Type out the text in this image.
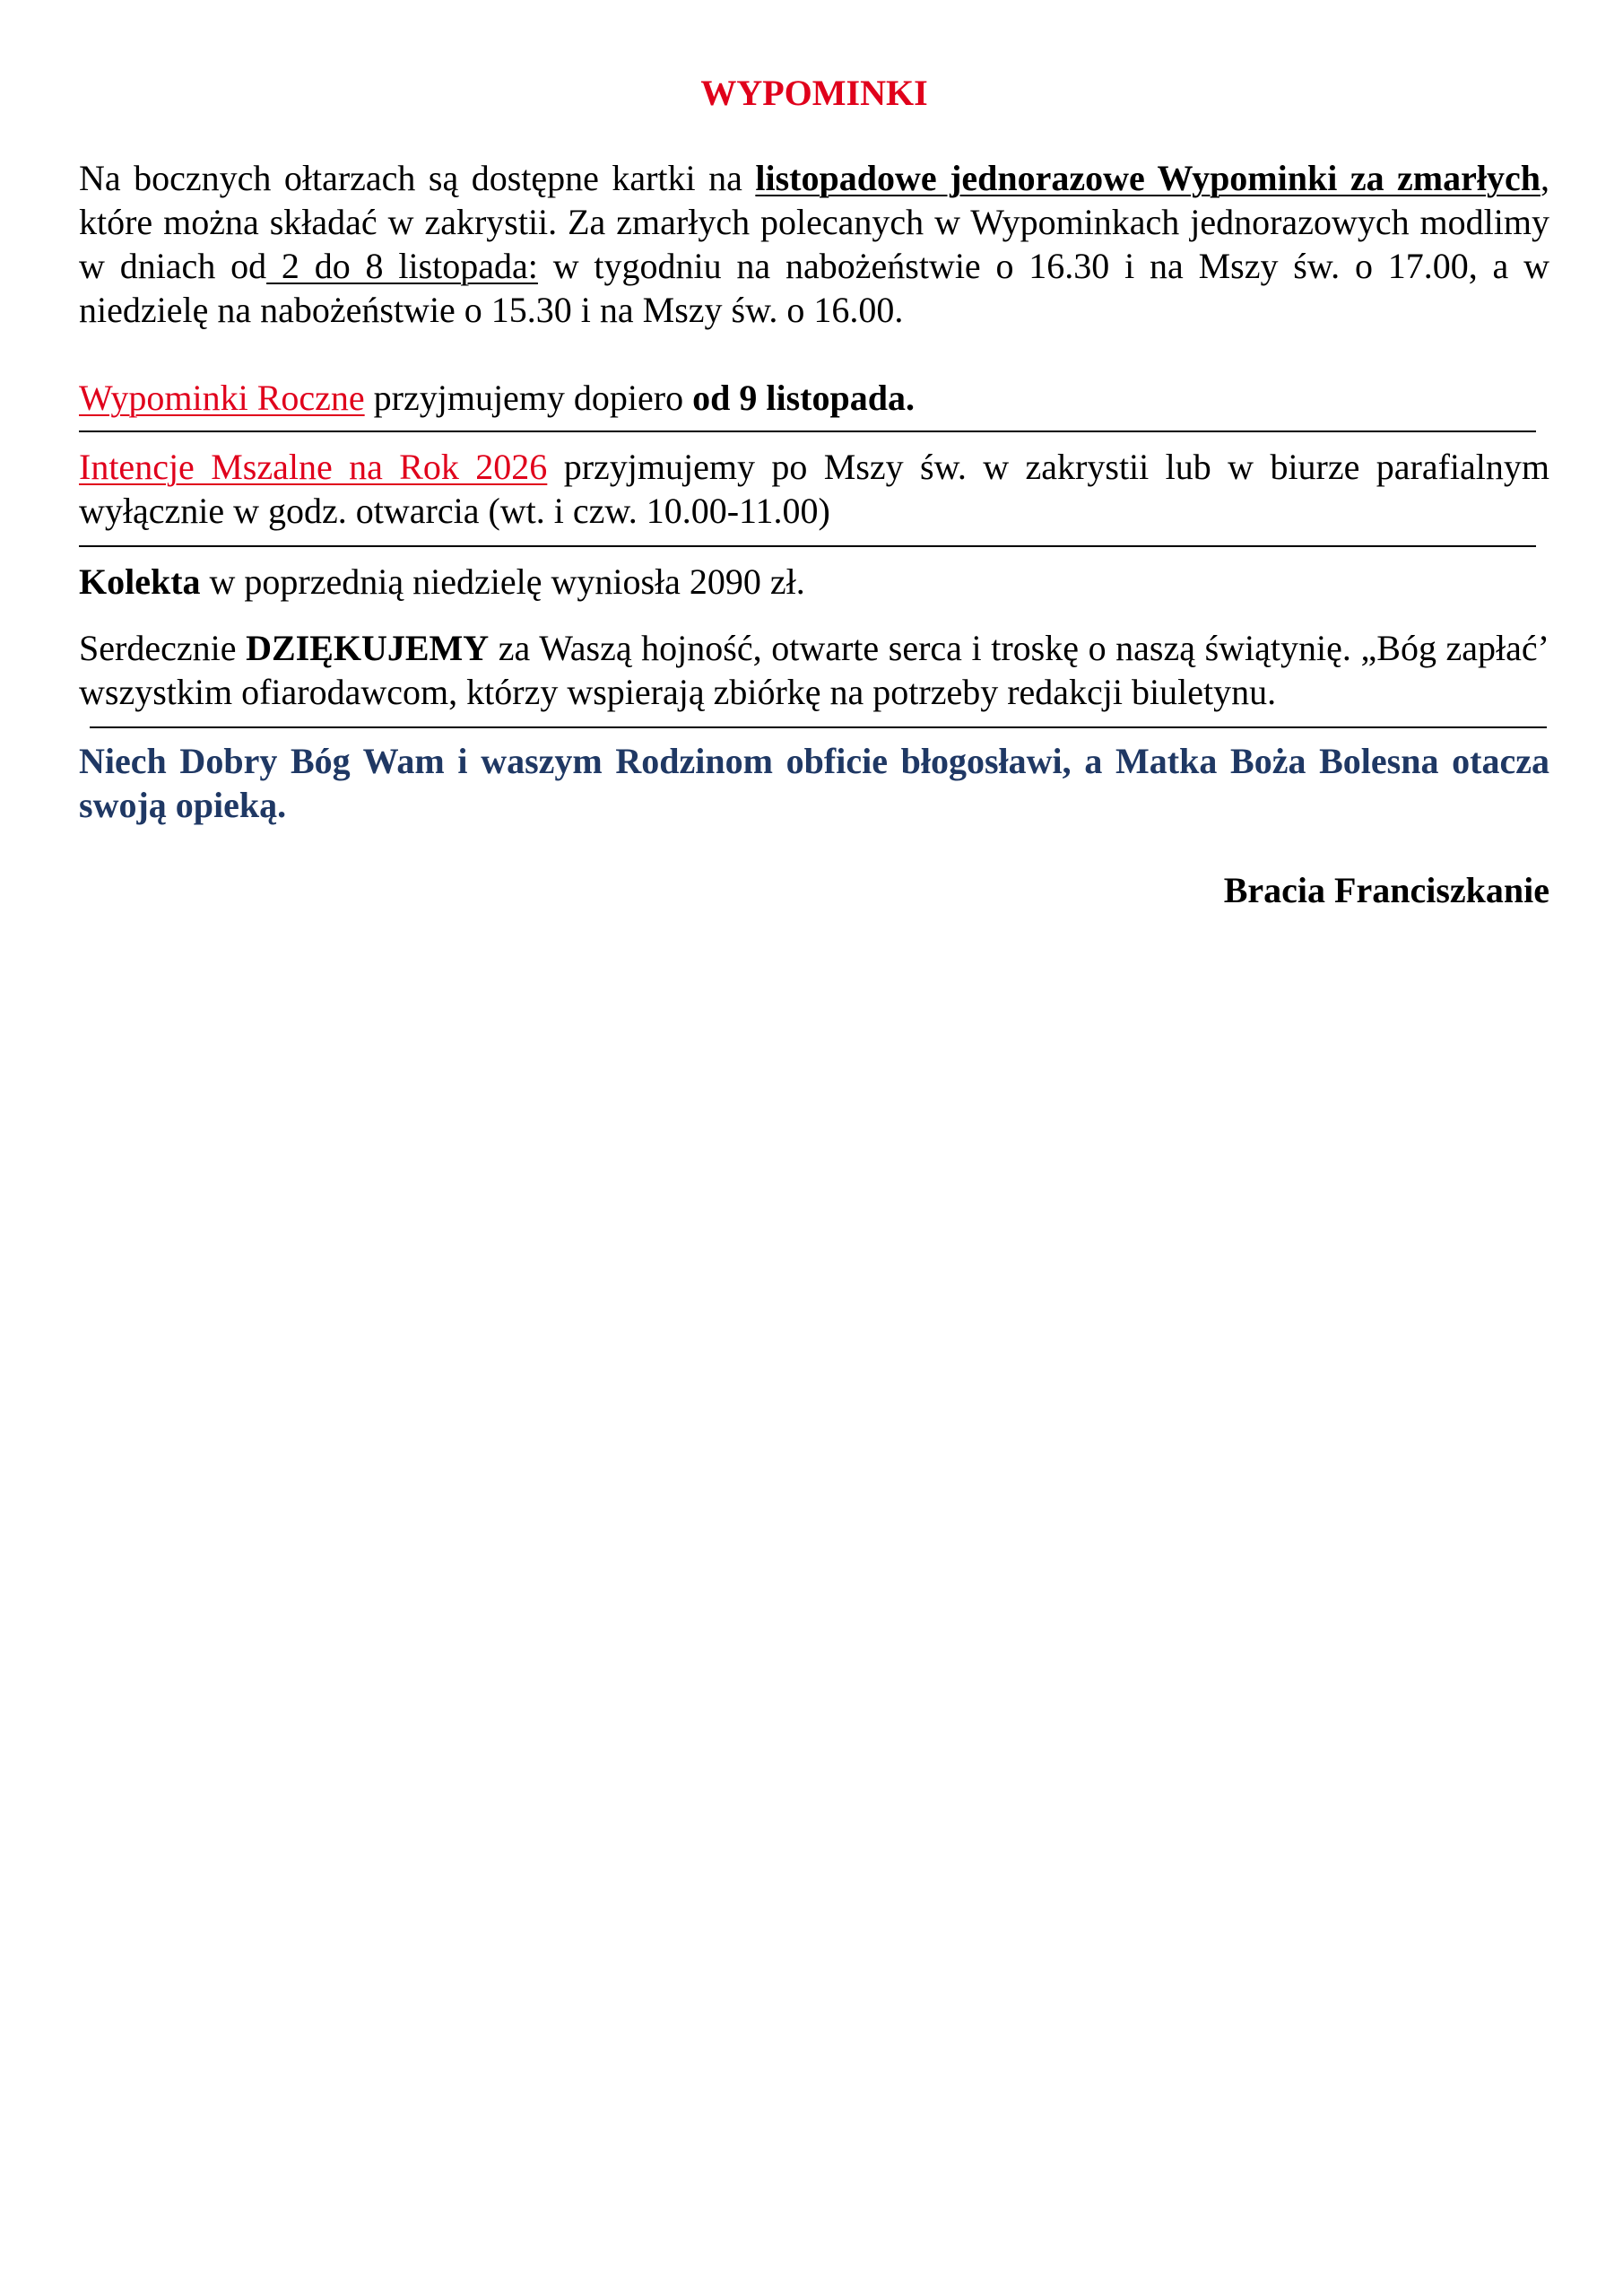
WYPOMINKI

Na bocznych ołtarzach są dostępne kartki na listopadowe jednorazowe Wypominki za zmarłych, które można składać w zakrystii. Za zmarłych polecanych w Wypominkach jednorazowych modlimy w dniach od 2 do 8 listopada: w tygodniu na nabożeństwie o 16.30 i na Mszy św. o 17.00, a w niedzielę na nabożeństwie o 15.30 i na Mszy św. o 16.00.

Wypominki Roczne przyjmujemy dopiero od 9 listopada.

Intencje Mszalne na Rok 2026 przyjmujemy po Mszy św. w zakrystii lub w biurze parafialnym wyłącznie w godz. otwarcia (wt. i czw. 10.00-11.00)

Kolekta w poprzednią niedzielę wyniosła 2090 zł.

Serdecznie DZIĘKUJEMY za Waszą hojność, otwarte serca i troskę o naszą świątynię. „Bóg zapłać’ wszystkim ofiarodawcom, którzy wspierają zbiórkę na potrzeby redakcji biuletynu.

Niech Dobry Bóg Wam i waszym Rodzinom obficie błogosławi, a Matka Boża Bolesna otacza swoją opieką.

Bracia Franciszkanie
